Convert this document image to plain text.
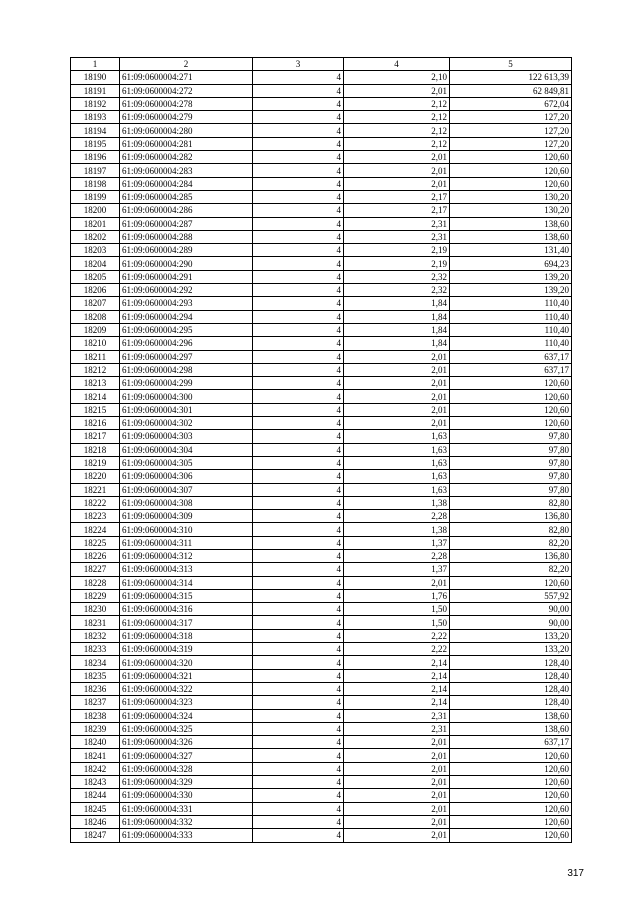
1	2	3	4	5
18190	61:09:0600004:271	4	2,10	122 613,39
18191	61:09:0600004:272	4	2,01	62 849,81
18192	61:09:0600004:278	4	2,12	672,04
18193	61:09:0600004:279	4	2,12	127,20
18194	61:09:0600004:280	4	2,12	127,20
18195	61:09:0600004:281	4	2,12	127,20
18196	61:09:0600004:282	4	2,01	120,60
18197	61:09:0600004:283	4	2,01	120,60
18198	61:09:0600004:284	4	2,01	120,60
18199	61:09:0600004:285	4	2,17	130,20
18200	61:09:0600004:286	4	2,17	130,20
18201	61:09:0600004:287	4	2,31	138,60
18202	61:09:0600004:288	4	2,31	138,60
18203	61:09:0600004:289	4	2,19	131,40
18204	61:09:0600004:290	4	2,19	694,23
18205	61:09:0600004:291	4	2,32	139,20
18206	61:09:0600004:292	4	2,32	139,20
18207	61:09:0600004:293	4	1,84	110,40
18208	61:09:0600004:294	4	1,84	110,40
18209	61:09:0600004:295	4	1,84	110,40
18210	61:09:0600004:296	4	1,84	110,40
18211	61:09:0600004:297	4	2,01	637,17
18212	61:09:0600004:298	4	2,01	637,17
18213	61:09:0600004:299	4	2,01	120,60
18214	61:09:0600004:300	4	2,01	120,60
18215	61:09:0600004:301	4	2,01	120,60
18216	61:09:0600004:302	4	2,01	120,60
18217	61:09:0600004:303	4	1,63	97,80
18218	61:09:0600004:304	4	1,63	97,80
18219	61:09:0600004:305	4	1,63	97,80
18220	61:09:0600004:306	4	1,63	97,80
18221	61:09:0600004:307	4	1,63	97,80
18222	61:09:0600004:308	4	1,38	82,80
18223	61:09:0600004:309	4	2,28	136,80
18224	61:09:0600004:310	4	1,38	82,80
18225	61:09:0600004:311	4	1,37	82,20
18226	61:09:0600004:312	4	2,28	136,80
18227	61:09:0600004:313	4	1,37	82,20
18228	61:09:0600004:314	4	2,01	120,60
18229	61:09:0600004:315	4	1,76	557,92
18230	61:09:0600004:316	4	1,50	90,00
18231	61:09:0600004:317	4	1,50	90,00
18232	61:09:0600004:318	4	2,22	133,20
18233	61:09:0600004:319	4	2,22	133,20
18234	61:09:0600004:320	4	2,14	128,40
18235	61:09:0600004:321	4	2,14	128,40
18236	61:09:0600004:322	4	2,14	128,40
18237	61:09:0600004:323	4	2,14	128,40
18238	61:09:0600004:324	4	2,31	138,60
18239	61:09:0600004:325	4	2,31	138,60
18240	61:09:0600004:326	4	2,01	637,17
18241	61:09:0600004:327	4	2,01	120,60
18242	61:09:0600004:328	4	2,01	120,60
18243	61:09:0600004:329	4	2,01	120,60
18244	61:09:0600004:330	4	2,01	120,60
18245	61:09:0600004:331	4	2,01	120,60
18246	61:09:0600004:332	4	2,01	120,60
18247	61:09:0600004:333	4	2,01	120,60
317
